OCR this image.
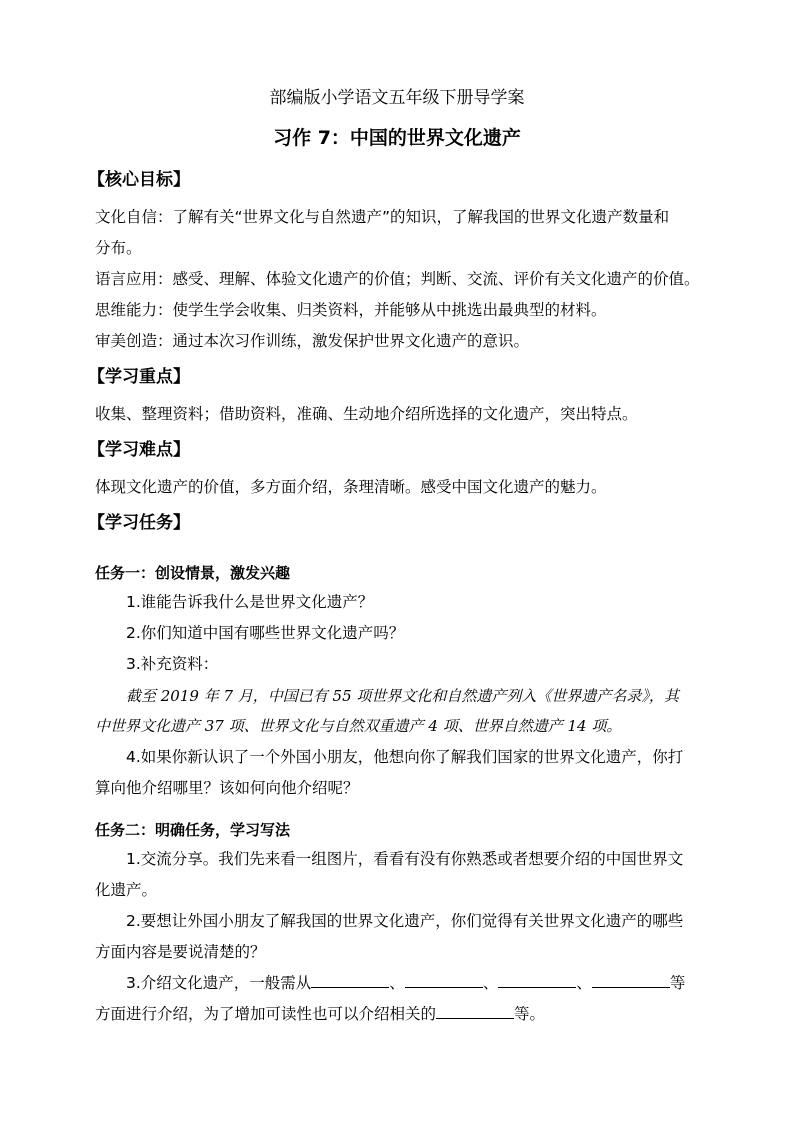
部编版小学语文五年级下册导学案
习作 7：中国的世界文化遗产
【核心目标】
文化自信：了解有关“世界文化与自然遗产”的知识，了解我国的世界文化遗产数量和
分布。
语言应用：感受、理解、体验文化遗产的价值；判断、交流、评价有关文化遗产的价值。
思维能力：使学生学会收集、归类资料，并能够从中挑选出最典型的材料。
审美创造：通过本次习作训练，激发保护世界文化遗产的意识。
【学习重点】
收集、整理资料；借助资料，准确、生动地介绍所选择的文化遗产，突出特点。
【学习难点】
体现文化遗产的价值，多方面介绍，条理清晰。感受中国文化遗产的魅力。
【学习任务】
任务一：创设情景，激发兴趣
1.谁能告诉我什么是世界文化遗产？
2.你们知道中国有哪些世界文化遗产吗？
3.补充资料：
截至 2019 年 7 月，中国已有 55 项世界文化和自然遗产列入《世界遗产名录》，其
中世界文化遗产 37 项、世界文化与自然双重遗产 4 项、世界自然遗产 14 项。
4.如果你新认识了一个外国小朋友，他想向你了解我们国家的世界文化遗产，你打
算向他介绍哪里？该如何向他介绍呢？
任务二：明确任务，学习写法
1.交流分享。我们先来看一组图片，看看有没有你熟悉或者想要介绍的中国世界文
化遗产。
2.要想让外国小朋友了解我国的世界文化遗产，你们觉得有关世界文化遗产的哪些
方面内容是要说清楚的？
3.介绍文化遗产，一般需从	、	、	、	等
方面进行介绍，为了增加可读性也可以介绍相关的	等。
